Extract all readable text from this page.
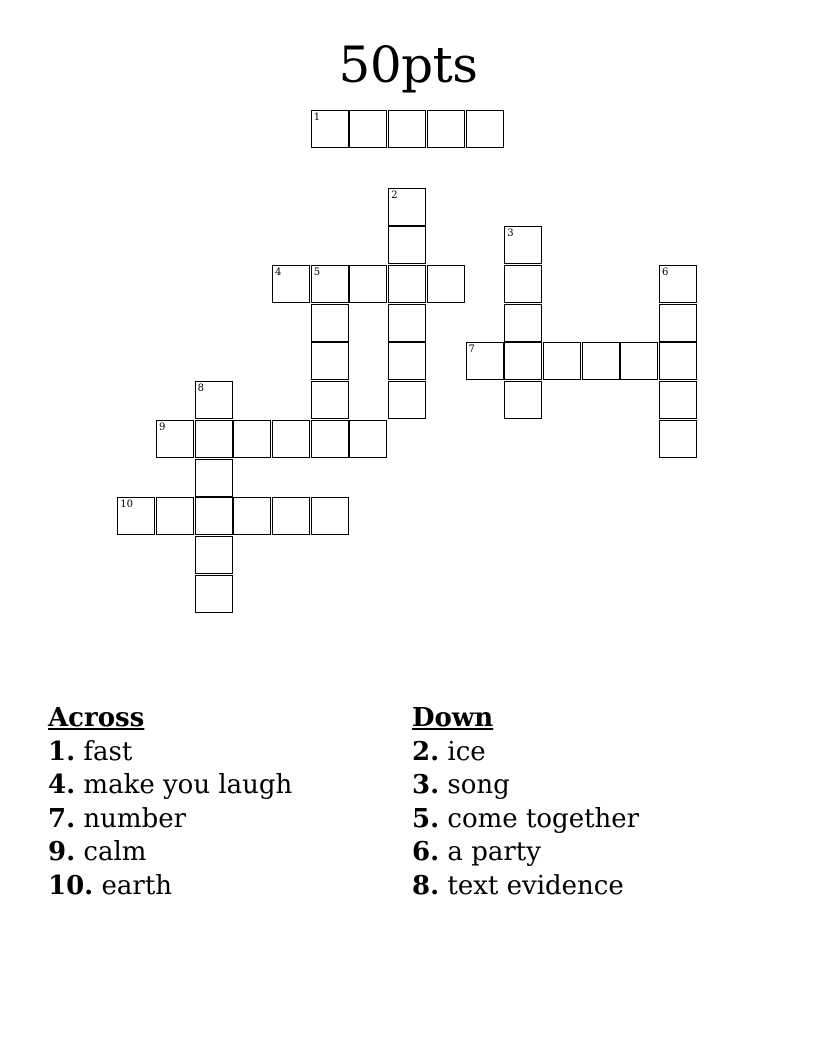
50pts
1
2
3
4	5	6
7
8
9
10
Across
1. fast
4. make you laugh
7. number
9. calm
10. earth
Down
2. ice
3. song
5. come together
6. a party
8. text evidence
